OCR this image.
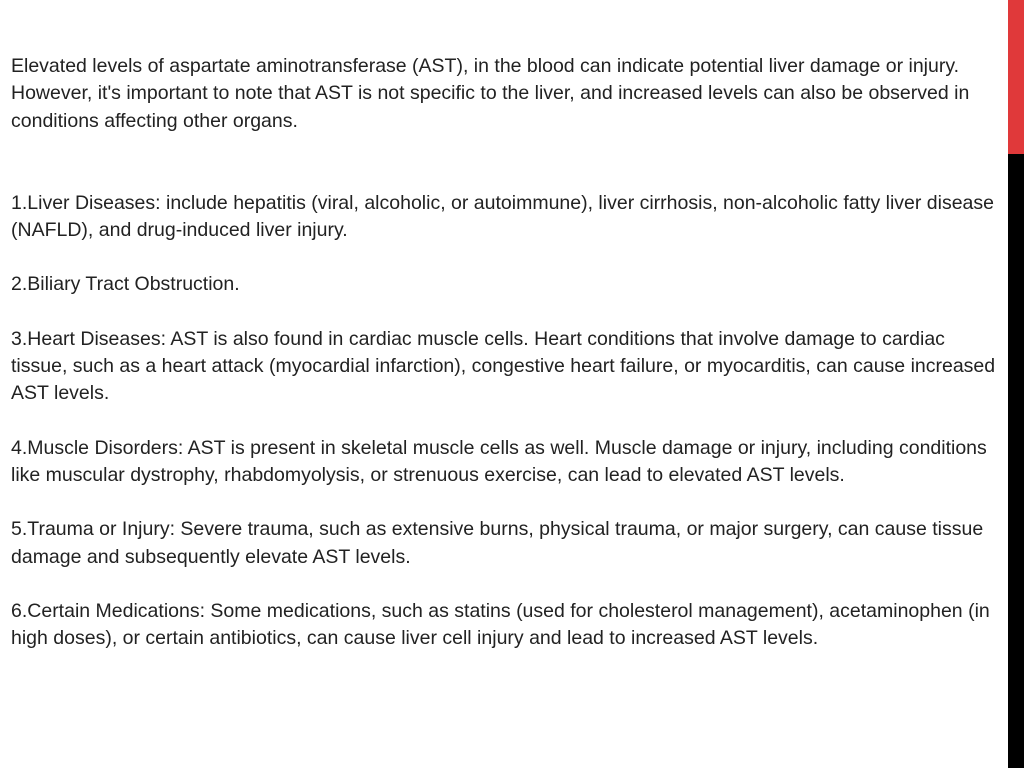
Elevated levels of aspartate aminotransferase (AST), in the blood can indicate potential liver damage or injury. However, it's important to note that AST is not specific to the liver, and increased levels can also be observed in conditions affecting other organs.

1.Liver Diseases: include hepatitis (viral, alcoholic, or autoimmune), liver cirrhosis, non-alcoholic fatty liver disease (NAFLD), and drug-induced liver injury.

2.Biliary Tract Obstruction.

3.Heart Diseases: AST is also found in cardiac muscle cells. Heart conditions that involve damage to cardiac tissue, such as a heart attack (myocardial infarction), congestive heart failure, or myocarditis, can cause increased AST levels.

4.Muscle Disorders: AST is present in skeletal muscle cells as well. Muscle damage or injury, including conditions like muscular dystrophy, rhabdomyolysis, or strenuous exercise, can lead to elevated AST levels.

5.Trauma or Injury: Severe trauma, such as extensive burns, physical trauma, or major surgery, can cause tissue damage and subsequently elevate AST levels.

6.Certain Medications: Some medications, such as statins (used for cholesterol management), acetaminophen (in high doses), or certain antibiotics, can cause liver cell injury and lead to increased AST levels.
